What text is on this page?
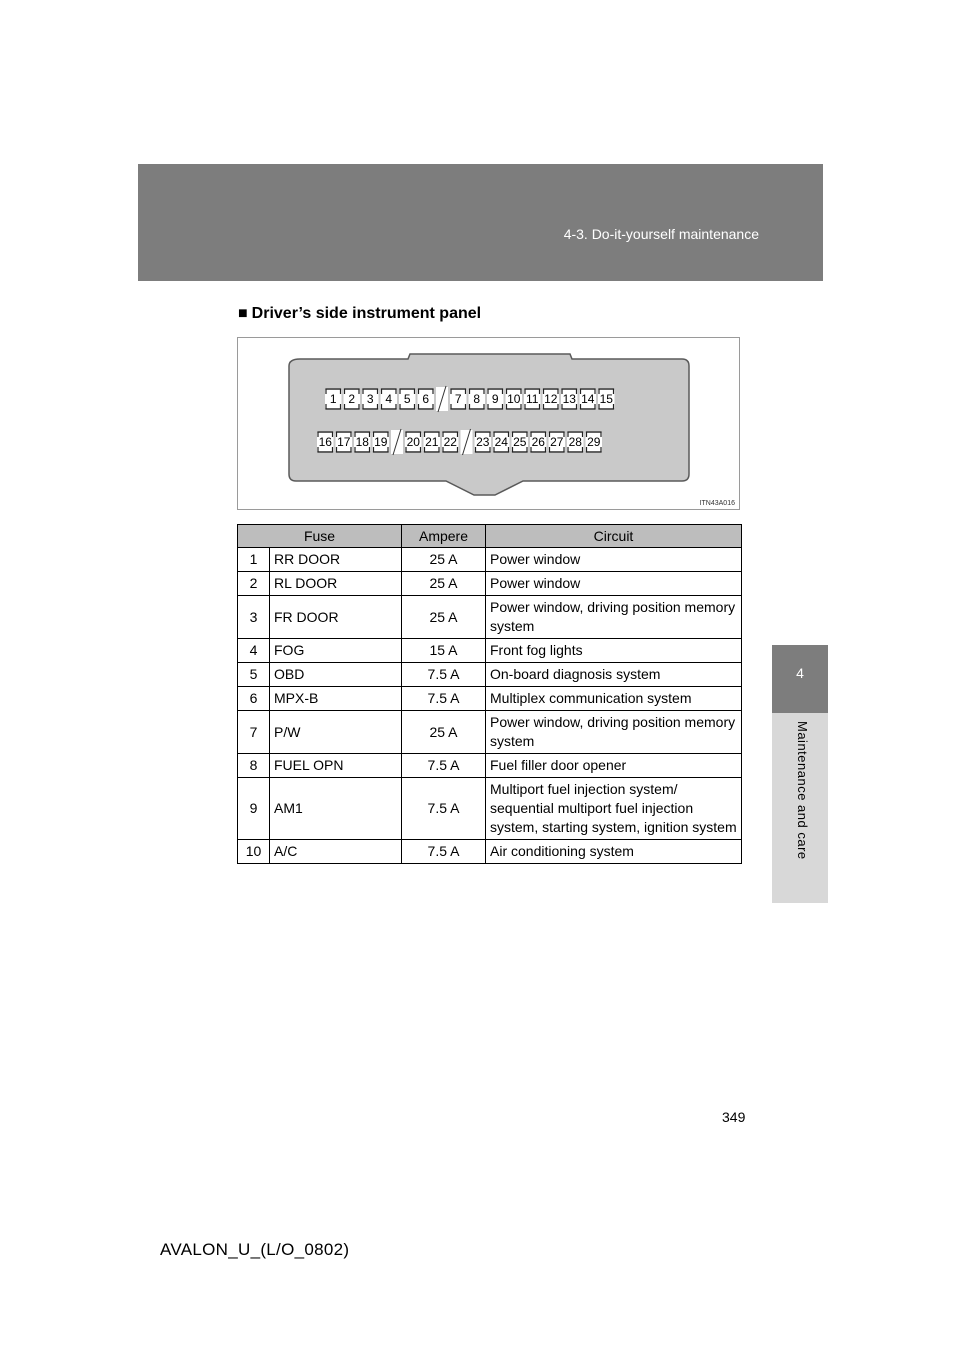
4-3. Do-it-yourself maintenance
4
Maintenance and care
■ Driver’s side instrument panel
1 2 3 4 5 6 7 8 9 10 11 12 13 14 15
16 17 18 19 20 21 22 23 24 25 26 27 28 29
ITN43A016
Fuse		Ampere	Circuit
1	RR DOOR	25 A	Power window
2	RL DOOR	25 A	Power window
3	FR DOOR	25 A	Power window, driving position memory system
4	FOG	15 A	Front fog lights
5	OBD	7.5 A	On-board diagnosis system
6	MPX-B	7.5 A	Multiplex communication system
7	P/W	25 A	Power window, driving position memory system
8	FUEL OPN	7.5 A	Fuel filler door opener
9	AM1	7.5 A	Multiport fuel injection system/ sequential multiport fuel injection system, starting system, ignition system
10	A/C	7.5 A	Air conditioning system
349
AVALON_U_(L/O_0802)
